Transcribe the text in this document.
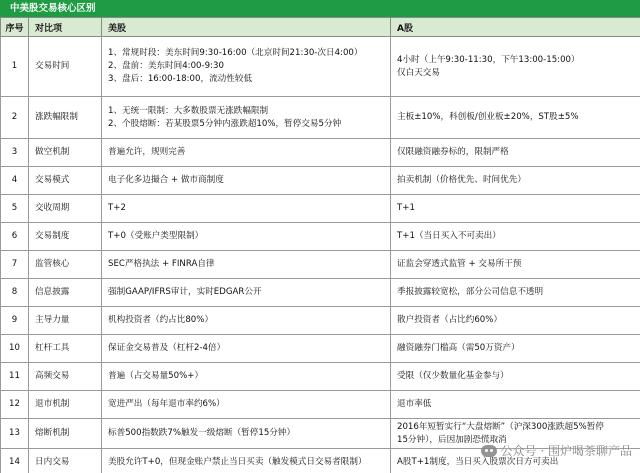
中美股交易核心区别
序号	对比项	美股	A股
1	交易时间	1、常规时段：美东时间9:30-16:00（北京时间21:30-次日4:00）
2、盘前：美东时间4:00-9:30
3、盘后：16:00-18:00，流动性较低	4小时（上午9:30-11:30，下午13:00-15:00）
仅白天交易

2	涨跌幅限制	1、无统一限制：大多数股票无涨跌幅限制
2、个股熔断：若某股票5分钟内涨跌超10%，暂停交易5分钟	主板±10%，科创板/创业板±20%，ST股±5%

3	做空机制	普遍允许，规则完善	仅限融资融券标的，限制严格

4	交易模式	电子化多边撮合 + 做市商制度	拍卖机制（价格优先、时间优先）

5	交收周期	T+2	T+1

6	交易制度	T+0（受账户类型限制）	T+1（当日买入不可卖出）

7	监管核心	SEC严格执法 + FINRA自律	证监会穿透式监管 + 交易所干预

8	信息披露	强制GAAP/IFRS审计，实时EDGAR公开	季报披露较宽松，部分公司信息不透明

9	主导力量	机构投资者（约占比80%）	散户投资者（占比约60%）

10	杠杆工具	保证金交易普及（杠杆2-4倍）	融资融券门槛高（需50万资产）

11	高频交易	普遍（占交易量50%+）	受限（仅少数量化基金参与）

12	退市机制	宽进严出（每年退市率约6%）	退市率低

13	熔断机制	标普500指数跌7%触发一级熔断（暂停15分钟）	2016年短暂实行“大盘熔断”（沪深300涨跌超5%暂停
15分钟），后因加剧恐慌取消

14	日内交易	美股允许T+0，但现金账户禁止当日买卖（触发模式日交易者限制）	A股T+1制度，当日买入股票次日方可卖出
公众号 · 围炉喝茶聊产品
